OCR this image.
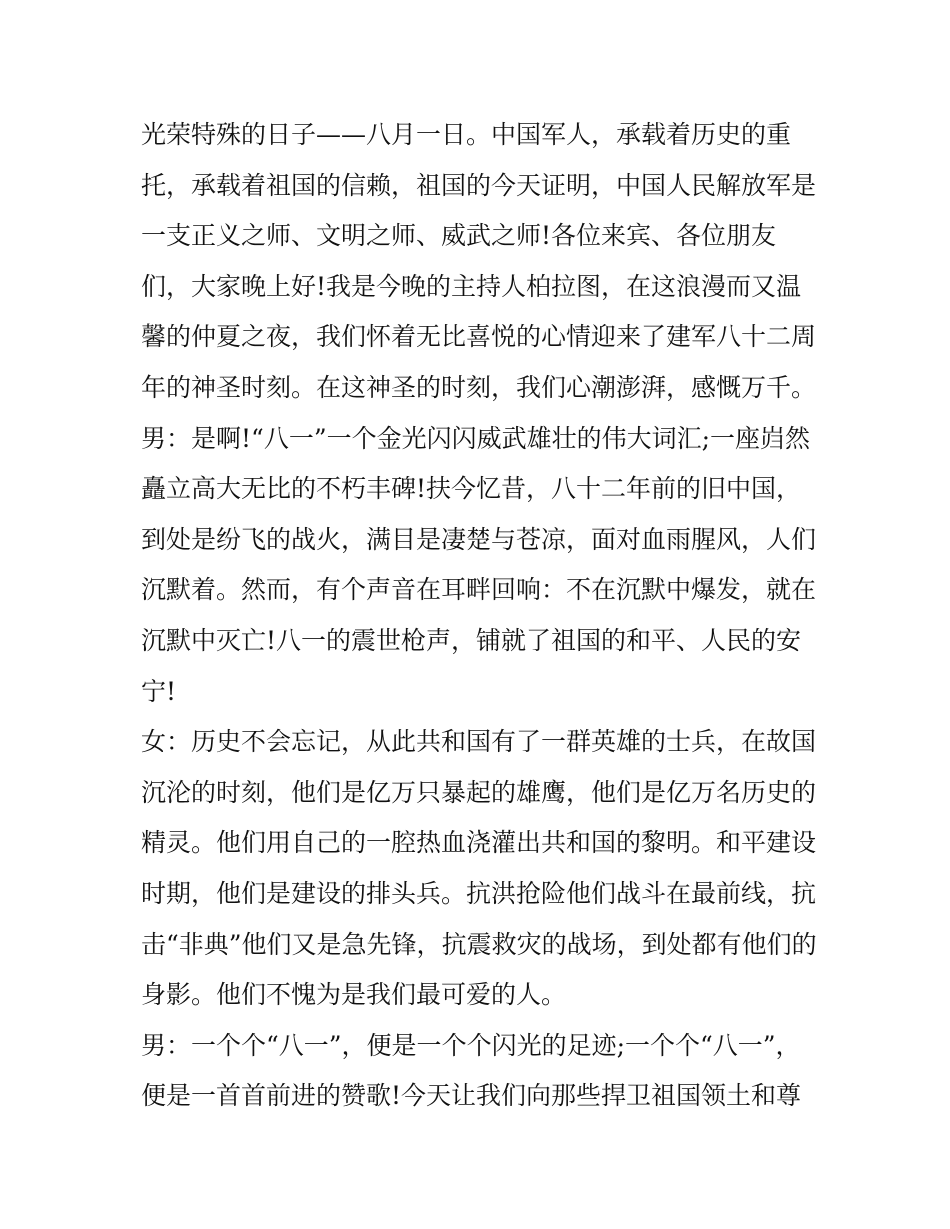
光荣特殊的日子——八月一日。中国军人，承载着历史的重
托，承载着祖国的信赖，祖国的今天证明，中国人民解放军是
一支正义之师、文明之师、威武之师!各位来宾、各位朋友
们，大家晚上好!我是今晚的主持人柏拉图，在这浪漫而又温
馨的仲夏之夜，我们怀着无比喜悦的心情迎来了建军八十二周
年的神圣时刻。在这神圣的时刻，我们心潮澎湃，感慨万千。
男：是啊!“八一”一个金光闪闪威武雄壮的伟大词汇;一座岿然
矗立高大无比的不朽丰碑!扶今忆昔，八十二年前的旧中国，
到处是纷飞的战火，满目是凄楚与苍凉，面对血雨腥风，人们
沉默着。然而，有个声音在耳畔回响：不在沉默中爆发，就在
沉默中灭亡!八一的震世枪声，铺就了祖国的和平、人民的安
宁!
女：历史不会忘记，从此共和国有了一群英雄的士兵，在故国
沉沦的时刻，他们是亿万只暴起的雄鹰，他们是亿万名历史的
精灵。他们用自己的一腔热血浇灌出共和国的黎明。和平建设
时期，他们是建设的排头兵。抗洪抢险他们战斗在最前线，抗
击“非典”他们又是急先锋，抗震救灾的战场，到处都有他们的
身影。他们不愧为是我们最可爱的人。
男：一个个“八一”，便是一个个闪光的足迹;一个个“八一”，
便是一首首前进的赞歌!今天让我们向那些捍卫祖国领土和尊
